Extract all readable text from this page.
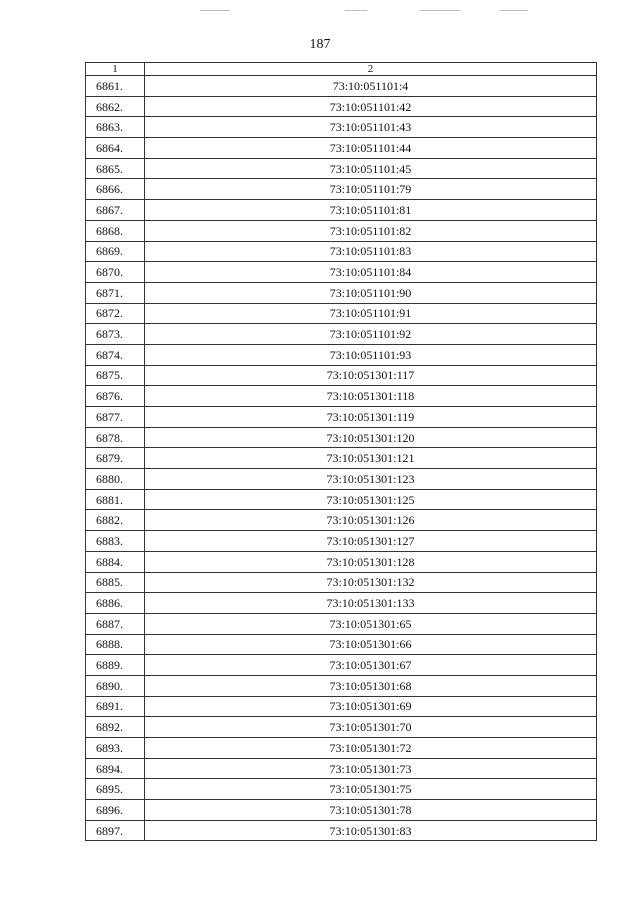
187
1	2
6861.	73:10:051101:4
6862.	73:10:051101:42
6863.	73:10:051101:43
6864.	73:10:051101:44
6865.	73:10:051101:45
6866.	73:10:051101:79
6867.	73:10:051101:81
6868.	73:10:051101:82
6869.	73:10:051101:83
6870.	73:10:051101:84
6871.	73:10:051101:90
6872.	73:10:051101:91
6873.	73:10:051101:92
6874.	73:10:051101:93
6875.	73:10:051301:117
6876.	73:10:051301:118
6877.	73:10:051301:119
6878.	73:10:051301:120
6879.	73:10:051301:121
6880.	73:10:051301:123
6881.	73:10:051301:125
6882.	73:10:051301:126
6883.	73:10:051301:127
6884.	73:10:051301:128
6885.	73:10:051301:132
6886.	73:10:051301:133
6887.	73:10:051301:65
6888.	73:10:051301:66
6889.	73:10:051301:67
6890.	73:10:051301:68
6891.	73:10:051301:69
6892.	73:10:051301:70
6893.	73:10:051301:72
6894.	73:10:051301:73
6895.	73:10:051301:75
6896.	73:10:051301:78
6897.	73:10:051301:83
